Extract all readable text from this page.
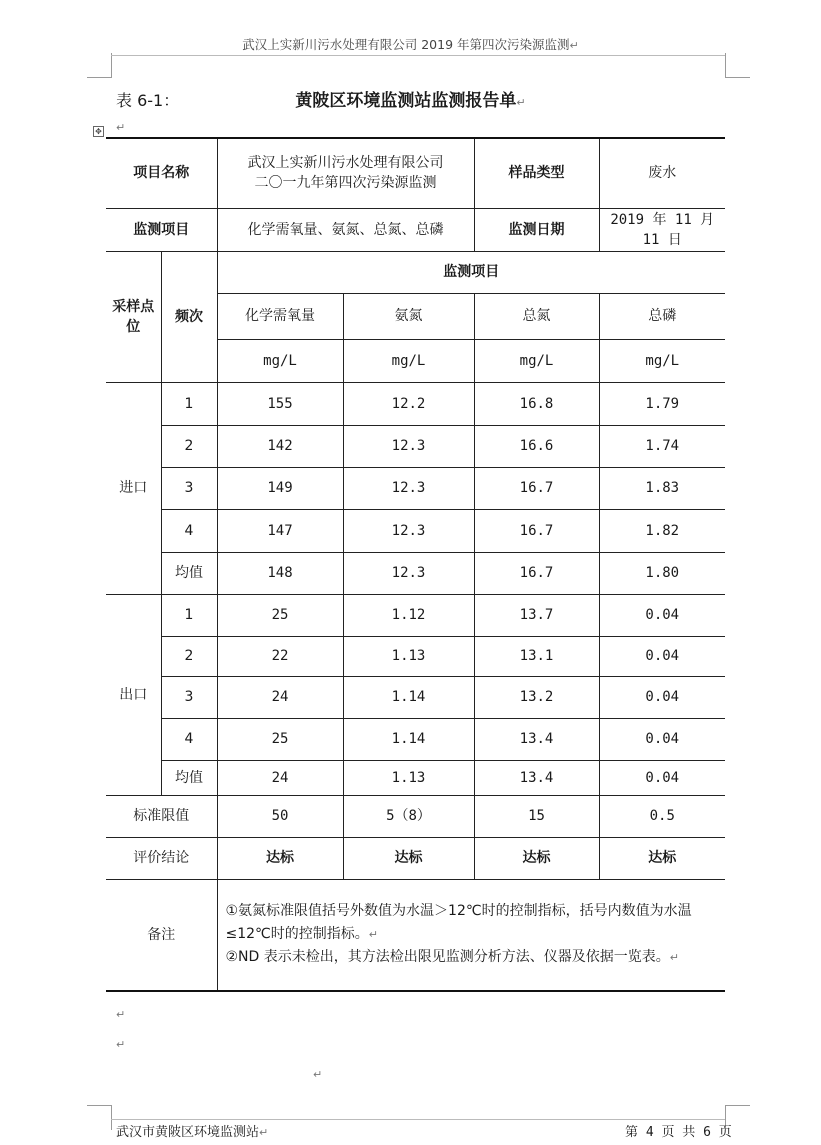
武汉上实新川污水处理有限公司 2019 年第四次污染源监测↵
表 6-1：	黄陂区环境监测站监测报告单↵
✥ ↵
项目名称		武汉上实新川污水处理有限公司
二〇一九年第四次污染源监测		样品类型	废水
监测项目		化学需氧量、氨氮、总氮、总磷		监测日期	2019 年 11 月 11 日
采样点位	频次	监测项目			
		化学需氧量	氨氮	总氮	总磷
		mg/L	mg/L	mg/L	mg/L
进口	1	155	12.2	16.8	1.79
	2	142	12.3	16.6	1.74
	3	149	12.3	16.7	1.83
	4	147	12.3	16.7	1.82
	均值	148	12.3	16.7	1.80
出口	1	25	1.12	13.7	0.04
	2	22	1.13	13.1	0.04
	3	24	1.14	13.2	0.04
	4	25	1.14	13.4	0.04
	均值	24	1.13	13.4	0.04
标准限值		50	5（8）	15	0.5
评价结论		达标	达标	达标	达标
备注		①氨氮标准限值括号外数值为水温＞12℃时的控制指标，括号内数值为水温≤12℃时的控制指标。↵
②ND 表示未检出，其方法检出限见监测分析方法、仪器及依据一览表。↵			
↵
↵
↵
武汉市黄陂区环境监测站↵	第 4 页 共 6 页
